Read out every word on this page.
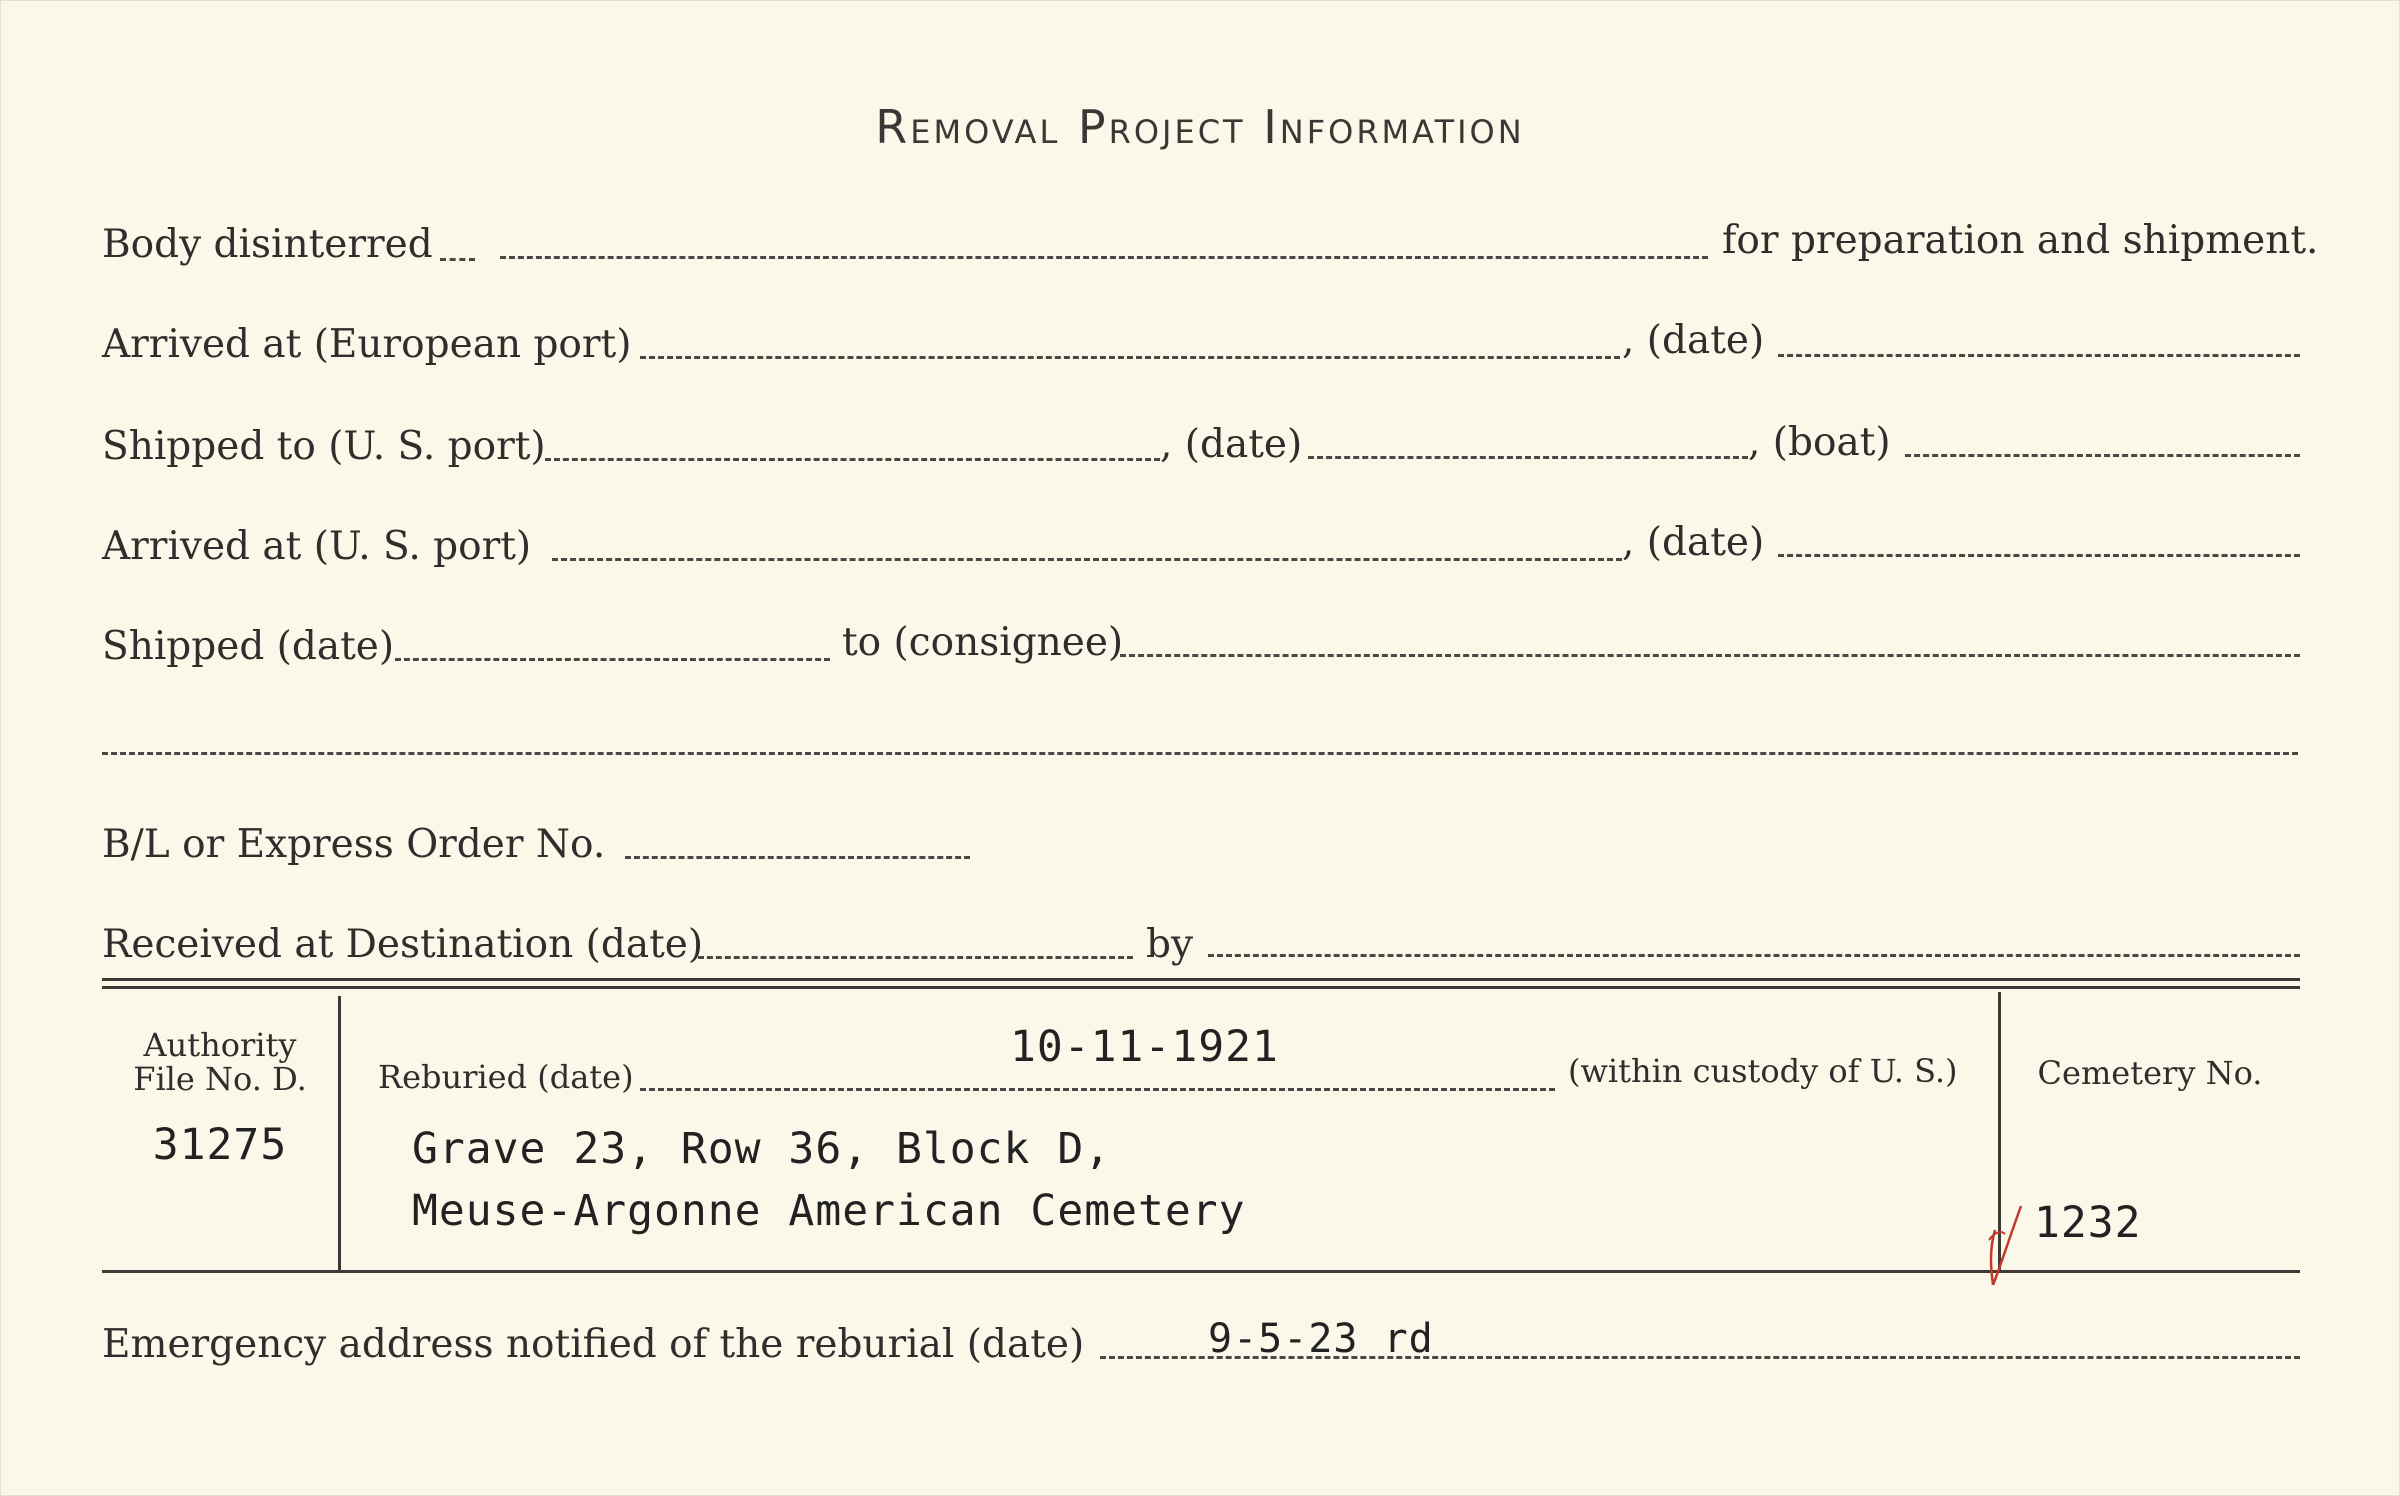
Removal Project Information
Body disinterred	for preparation and shipment.
Arrived at (European port)	, (date)
Shipped to (U. S. port)	, (date)	, (boat)
Arrived at (U. S. port)	, (date)
Shipped (date)	to (consignee)
B/L or Express Order No.
Received at Destination (date)	by
Authority
File No. D.
31275
Reburied (date)
10-11-1921	(within custody of U. S.)
Grave 23, Row 36, Block D,
Meuse-Argonne American Cemetery
Cemetery No.
1232
Emergency address notified of the reburial (date)	9-5-23 rd
